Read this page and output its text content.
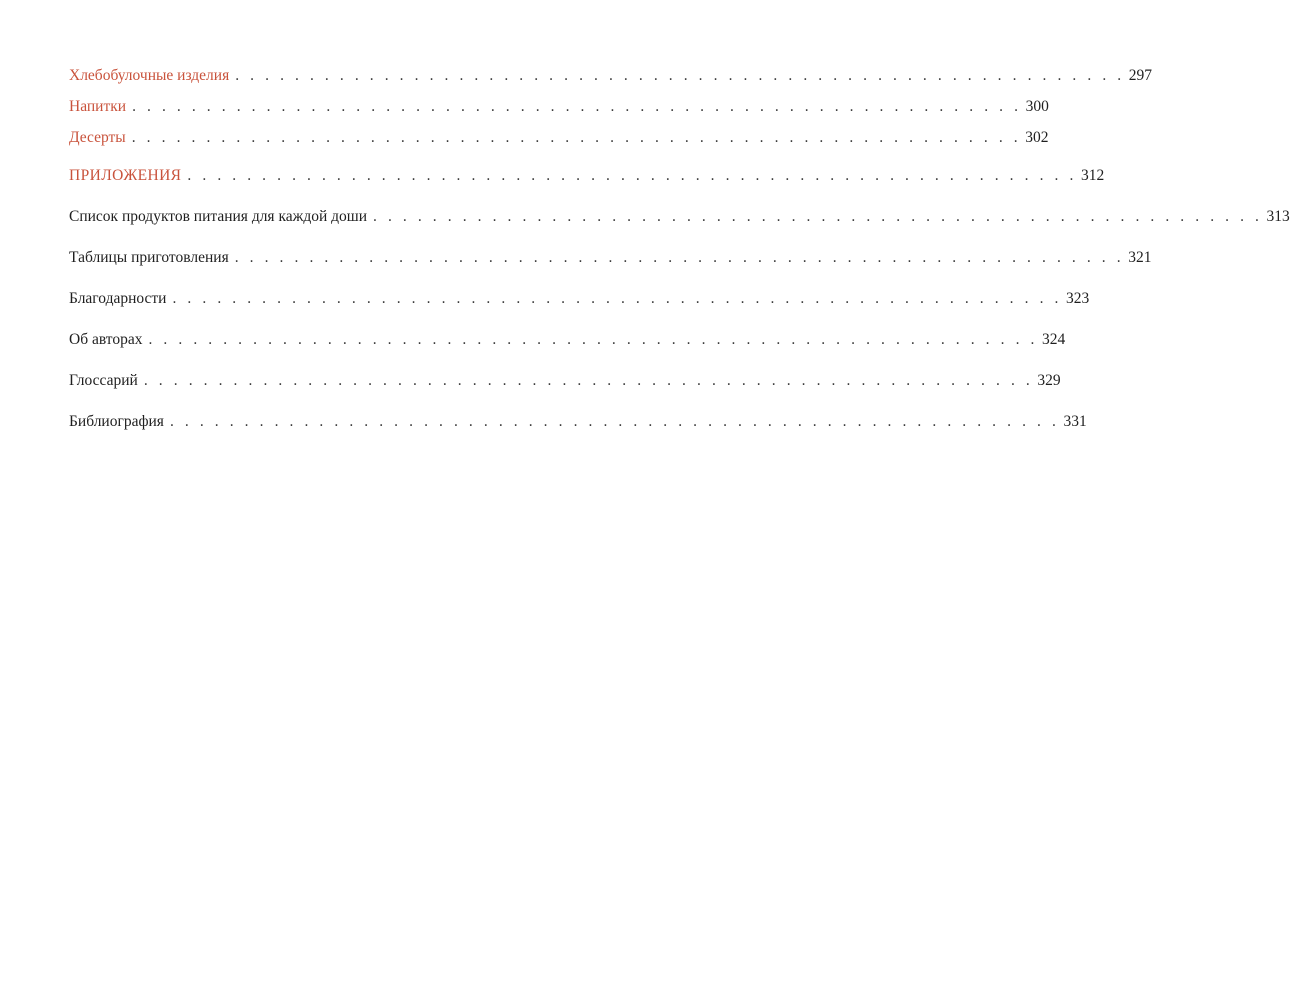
Хлебобулочные изделия . . . . . . . . . . . . . . . . . . . . . . . . . . . . . . . . . . . . . . . . . . . . . . . . . . . . . . . . . . . . 297
Напитки . . . . . . . . . . . . . . . . . . . . . . . . . . . . . . . . . . . . . . . . . . . . . . . . . . . . . . . . . . . . 300
Десерты . . . . . . . . . . . . . . . . . . . . . . . . . . . . . . . . . . . . . . . . . . . . . . . . . . . . . . . . . . . . 302
ПРИЛОЖЕНИЯ . . . . . . . . . . . . . . . . . . . . . . . . . . . . . . . . . . . . . . . . . . . . . . . . . . . . . . . . . . . . 312
Список продуктов питания для каждой доши . . . . . . . . . . . . . . . . . . . . . . . . . . . . . . . . . . . . . . . . . . . . . . . . . . . . . . . . . . . . 313
Таблицы приготовления . . . . . . . . . . . . . . . . . . . . . . . . . . . . . . . . . . . . . . . . . . . . . . . . . . . . . . . . . . . . 321
Благодарности . . . . . . . . . . . . . . . . . . . . . . . . . . . . . . . . . . . . . . . . . . . . . . . . . . . . . . . . . . . . 323
Об авторах . . . . . . . . . . . . . . . . . . . . . . . . . . . . . . . . . . . . . . . . . . . . . . . . . . . . . . . . . . . . 324
Глоссарий . . . . . . . . . . . . . . . . . . . . . . . . . . . . . . . . . . . . . . . . . . . . . . . . . . . . . . . . . . . . 329
Библиография . . . . . . . . . . . . . . . . . . . . . . . . . . . . . . . . . . . . . . . . . . . . . . . . . . . . . . . . . . . . 331
